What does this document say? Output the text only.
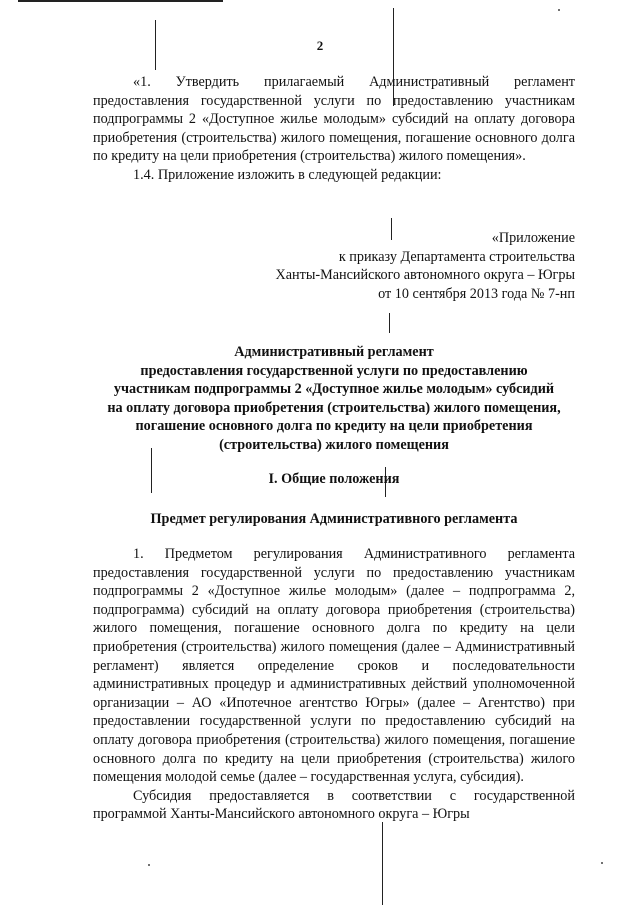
2

«1. Утвердить прилагаемый Административный регламент предоставления государственной услуги по предоставлению участникам подпрограммы 2 «Доступное жилье молодым» субсидий на оплату договора приобретения (строительства) жилого помещения, погашение основного долга по кредиту на цели приобретения (строительства) жилого помещения».

1.4. Приложение изложить в следующей редакции:

«Приложение

к приказу Департамента строительства

Ханты-Мансийского автономного округа – Югры

от 10 сентября 2013 года № 7-нп

Административный регламент

предоставления государственной услуги по предоставлению

участникам подпрограммы 2 «Доступное жилье молодым» субсидий

на оплату договора приобретения (строительства) жилого помещения,

погашение основного долга по кредиту на цели приобретения

(строительства) жилого помещения

I. Общие положения
Предмет регулирования Административного регламента

1. Предметом регулирования Административного регламента предоставления государственной услуги по предоставлению участникам подпрограммы 2 «Доступное жилье молодым» (далее – подпрограмма 2, подпрограмма) субсидий на оплату договора приобретения (строительства) жилого помещения, погашение основного долга по кредиту на цели приобретения (строительства) жилого помещения (далее – Административный регламент) является определение сроков и последовательности административных процедур и административных действий уполномоченной организации – АО «Ипотечное агентство Югры» (далее – Агентство) при предоставлении государственной услуги по предоставлению субсидий на оплату договора приобретения (строительства) жилого помещения, погашение основного долга по кредиту на цели приобретения (строительства) жилого помещения молодой семье (далее – государственная услуга, субсидия).

Субсидия предоставляется в соответствии с государственной программой Ханты-Мансийского автономного округа – Югры
